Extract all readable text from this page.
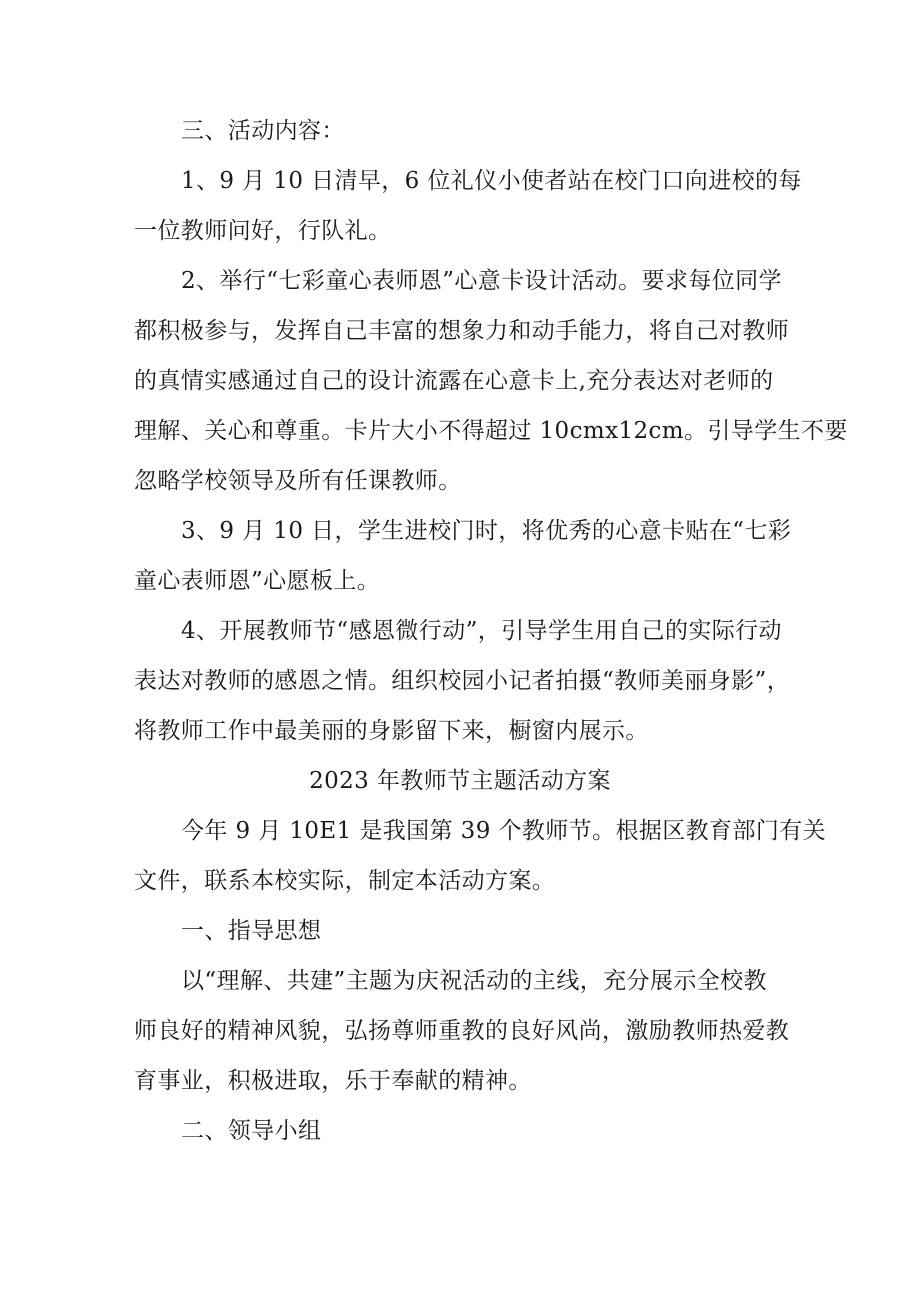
三、活动内容：
1、9 月 10 日清早，6 位礼仪小使者站在校门口向进校的每
一位教师问好，行队礼。
2、举行“七彩童心表师恩”心意卡设计活动。要求每位同学
都积极参与，发挥自己丰富的想象力和动手能力，将自己对教师
的真情实感通过自己的设计流露在心意卡上,充分表达对老师的
理解、关心和尊重。卡片大小不得超过 10cmx12cm。引导学生不要
忽略学校领导及所有任课教师。
3、9 月 10 日，学生进校门时，将优秀的心意卡贴在“七彩
童心表师恩”心愿板上。
4、开展教师节“感恩微行动”，引导学生用自己的实际行动
表达对教师的感恩之情。组织校园小记者拍摄“教师美丽身影”，
将教师工作中最美丽的身影留下来，橱窗内展示。
2023 年教师节主题活动方案
今年 9 月 10E1 是我国第 39 个教师节。根据区教育部门有关
文件，联系本校实际，制定本活动方案。
一、指导思想
以“理解、共建”主题为庆祝活动的主线，充分展示全校教
师良好的精神风貌，弘扬尊师重教的良好风尚，激励教师热爱教
育事业，积极进取，乐于奉献的精神。
二、领导小组
